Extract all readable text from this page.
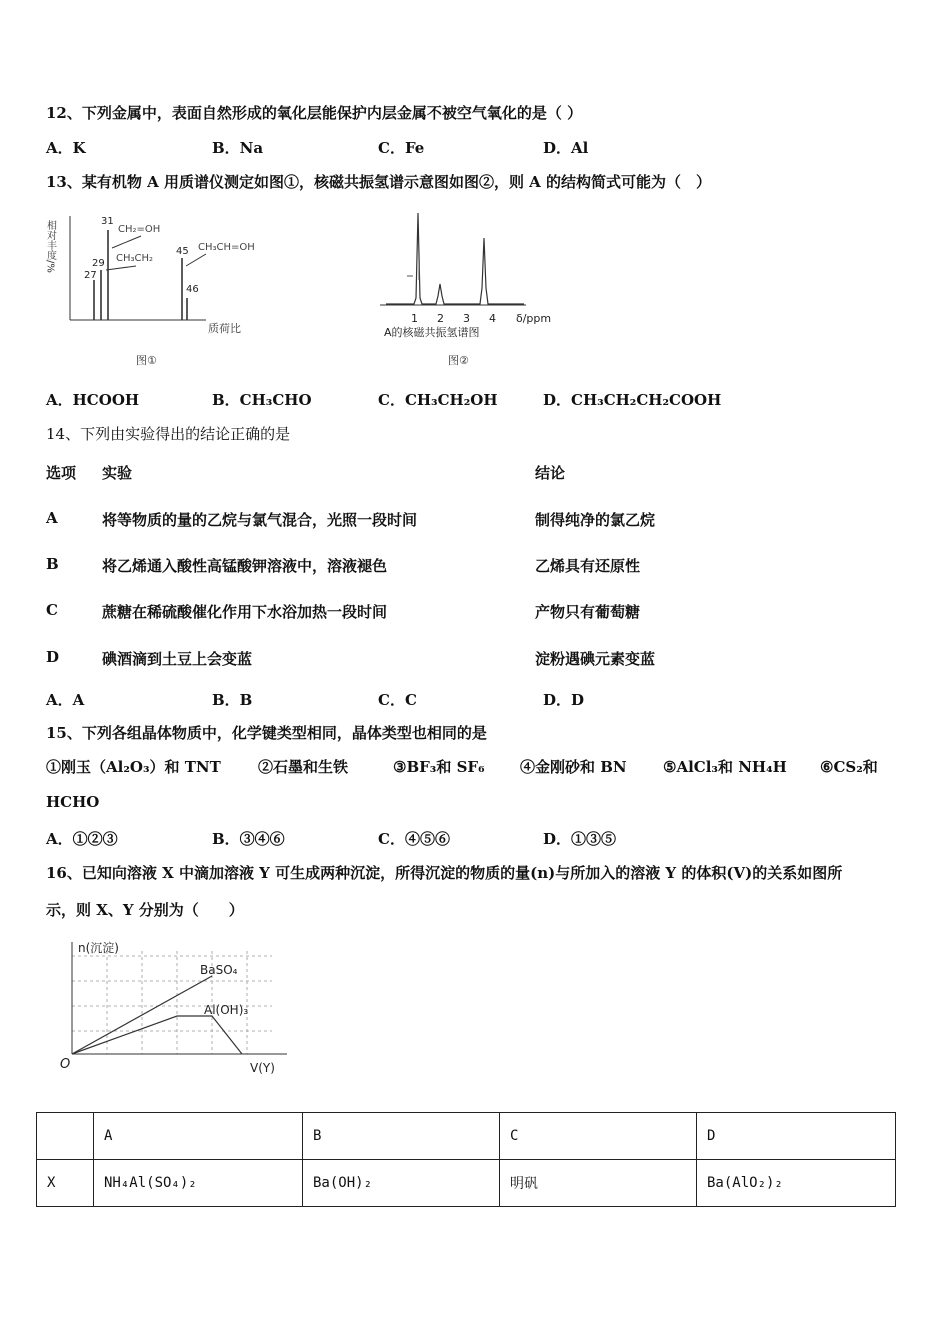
12、下列金属中，表面自然形成的氧化层能保护内层金属不被空气氧化的是（ ）
A．K	B．Na	C．Fe	D．Al
13、某有机物 A 用质谱仪测定如图①，核磁共振氢谱示意图如图②，则 A 的结构简式可能为（　）
相对丰度/%
27
29
31
45
46
CH₂=OH
CH₃CH₂
CH₃CH=OH
质荷比
图①
1 2 3 4 δ/ppm
A的核磁共振氢谱图
图②
A．HCOOH	B．CH₃CHO	C．CH₃CH₂OH	D．CH₃CH₂CH₂COOH
14、下列由实验得出的结论正确的是
选项 实验	结论
A	将等物质的量的乙烷与氯气混合，光照一段时间	制得纯净的氯乙烷
B	将乙烯通入酸性高锰酸钾溶液中，溶液褪色	乙烯具有还原性
C	蔗糖在稀硫酸催化作用下水浴加热一段时间	产物只有葡萄糖
D	碘酒滴到土豆上会变蓝	淀粉遇碘元素变蓝
A．A	B．B	C．C	D．D
15、下列各组晶体物质中，化学键类型相同，晶体类型也相同的是
①刚玉（Al₂O₃）和 TNT ②石墨和生铁	③BF₃和 SF₆ ④金刚砂和 BN ⑤AlCl₃和 NH₄H ⑥CS₂和
HCHO
A．①②③	B．③④⑥	C．④⑤⑥	D．①③⑤
16、已知向溶液 X 中滴加溶液 Y 可生成两种沉淀，所得沉淀的物质的量(n)与所加入的溶液 Y 的体积(V)的关系如图所
示，则 X、Y 分别为（　　）
n(沉淀)
BaSO₄
Al(OH)₃
O	V(Y)
	A	B	C	D
X	NH₄Al(SO₄)₂	Ba(OH)₂	明矾	Ba(AlO₂)₂
